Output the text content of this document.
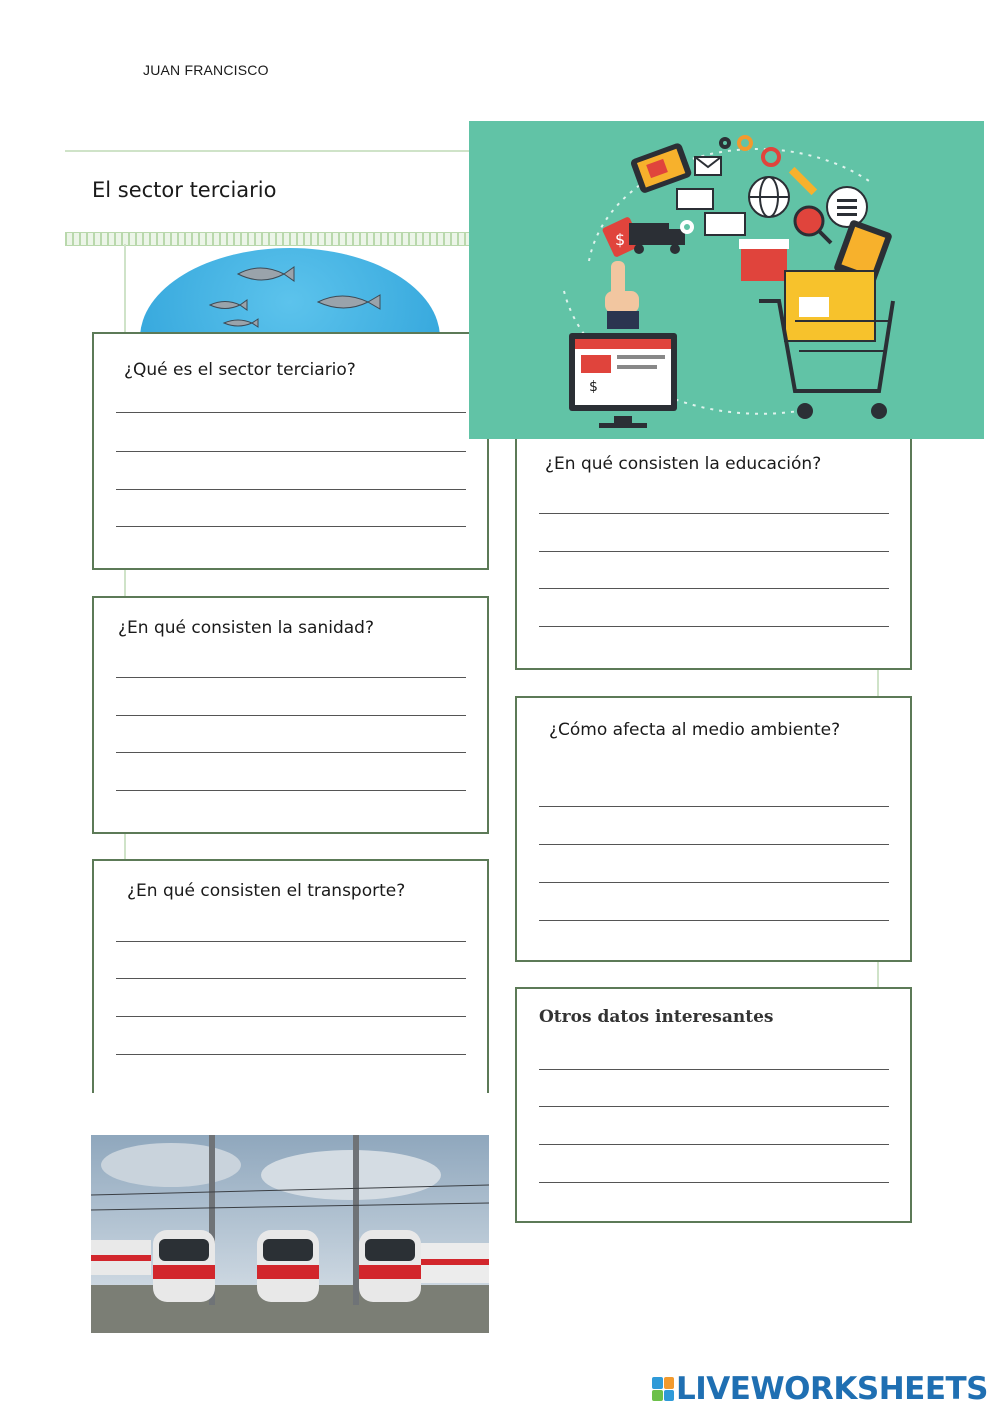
JUAN FRANCISCO
El sector terciario
¿Qué es el sector terciario?
¿En qué consisten la educación?
$
$
¿En qué consisten la sanidad?
¿Cómo afecta al medio ambiente?
¿En qué consisten el transporte?
Otros datos interesantes
LIVEWORKSHEETS
